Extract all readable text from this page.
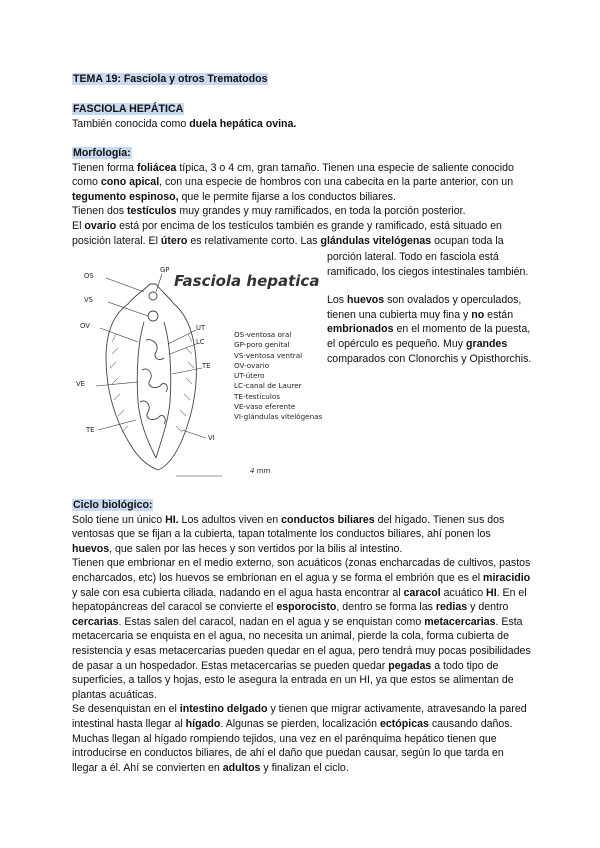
TEMA 19: Fasciola y otros Trematodos

FASCIOLA HEPÁTICA

También conocida como duela hepática ovina.

Morfología:

Tienen forma foliácea típica, 3 o 4 cm, gran tamaño. Tienen una especie de saliente conocido como cono apical, con una especie de hombros con una cabecita en la parte anterior, con un tegumento espinoso, que le permite fijarse a los conductos biliares.

Tienen dos testículos muy grandes y muy ramificados, en toda la porción posterior.

El ovario está por encima de los testículos también es grande y ramificado, está situado en posición lateral. El útero es relativamente corto. Las glándulas vitelógenas ocupan toda la

porción lateral. Todo en fasciola está ramificado, los ciegos intestinales también.

Los huevos son ovalados y operculados, tienen una cubierta muy fina y no están embrionados en el momento de la puesta, el opérculo es pequeño. Muy grandes comparados con Clonorchis y Opisthorchis.

Fasciola hepatica
OS
GP
VS
OV	UT
LC
VE
TE
TE
VI
OS-ventosa oral
GP-poro genital
VS-ventosa ventral
OV-ovario
UT-útero
LC-canal de Laurer
TE-testículos
VE-vaso eferente
VI-glándulas vitelógenas
4 mm

Ciclo biológico:

Solo tiene un único HI. Los adultos viven en conductos biliares del hígado. Tienen sus dos ventosas que se fijan a la cubierta, tapan totalmente los conductos biliares, ahí ponen los huevos, que salen por las heces y son vertidos por la bilis al intestino.

Tienen que embrionar en el medio externo, son acuáticos (zonas encharcadas de cultivos, pastos encharcados, etc) los huevos se embrionan en el agua y se forma el embrión que es el miracidio y sale con esa cubierta ciliada, nadando en el agua hasta encontrar al caracol acuático HI. En el hepatopáncreas del caracol se convierte el esporocisto, dentro se forma las redias y dentro cercarias. Estas salen del caracol, nadan en el agua y se enquistan como metacercarias. Esta metacercaria se enquista en el agua, no necesita un animal, pierde la cola, forma cubierta de resistencia y esas metacercarias pueden quedar en el agua, pero tendrá muy pocas posibilidades de pasar a un hospedador. Estas metacercarias se pueden quedar pegadas a todo tipo de superficies, a tallos y hojas, esto le asegura la entrada en un HI, ya que estos se alimentan de plantas acuáticas.

Se desenquistan en el intestino delgado y tienen que migrar activamente, atravesando la pared intestinal hasta llegar al hígado. Algunas se pierden, localización ectópicas causando daños. Muchas llegan al hígado rompiendo tejidos, una vez en el parénquima hepático tienen que introducirse en conductos biliares, de ahí el daño que puedan causar, según lo que tarda en llegar a él. Ahí se convierten en adultos y finalizan el ciclo.
